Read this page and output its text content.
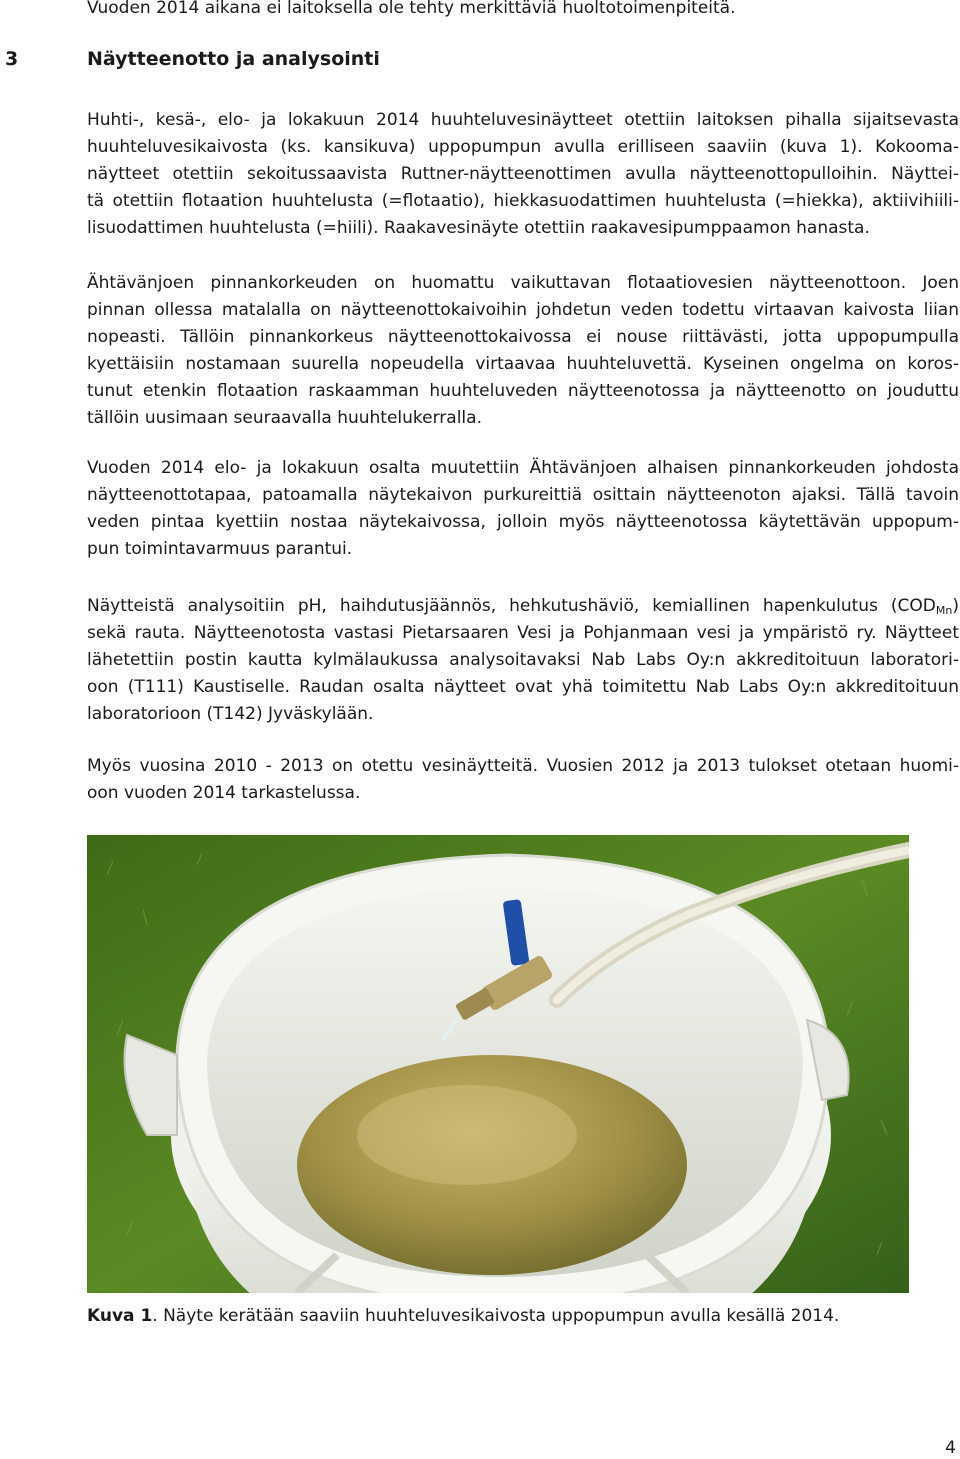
Vuoden 2014 aikana ei laitoksella ole tehty merkittäviä huoltotoimenpiteitä.

3	Näytteenotto ja analysointi

Huhti-, kesä-, elo- ja lokakuun 2014 huuhteluvesinäytteet otettiin laitoksen pihalla sijaitsevasta
huuhteluvesikaivosta (ks. kansikuva) uppopumpun avulla erilliseen saaviin (kuva 1). Kokooma-
näytteet otettiin sekoitussaavista Ruttner-näytteenottimen avulla näytteenottopulloihin. Näyttei-
tä otettiin flotaation huuhtelusta (=flotaatio), hiekkasuodattimen huuhtelusta (=hiekka), aktiivihiili-
lisuodattimen huuhtelusta (=hiili). Raakavesinäyte otettiin raakavesipumppaamon hanasta.

Ähtävänjoen pinnankorkeuden on huomattu vaikuttavan flotaatiovesien näytteenottoon. Joen
pinnan ollessa matalalla on näytteenottokaivoihin johdetun veden todettu virtaavan kaivosta liian
nopeasti. Tällöin pinnankorkeus näytteenottokaivossa ei nouse riittävästi, jotta uppopumpulla
kyettäisiin nostamaan suurella nopeudella virtaavaa huuhteluvettä. Kyseinen ongelma on koros-
tunut etenkin flotaation raskaamman huuhteluveden näytteenotossa ja näytteenotto on jouduttu
tällöin uusimaan seuraavalla huuhtelukerralla.

Vuoden 2014 elo- ja lokakuun osalta muutettiin Ähtävänjoen alhaisen pinnankorkeuden johdosta
näytteenottotapaa, patoamalla näytekaivon purkureittiä osittain näytteenoton ajaksi. Tällä tavoin
veden pintaa kyettiin nostaa näytekaivossa, jolloin myös näytteenotossa käytettävän uppopum-
pun toimintavarmuus parantui.

Näytteistä analysoitiin pH, haihdutusjäännös, hehkutushäviö, kemiallinen hapenkulutus $(COD_{Mn})$
sekä rauta. Näytteenotosta vastasi Pietarsaaren Vesi ja Pohjanmaan vesi ja ympäristö ry. Näytteet
lähetettiin postin kautta kylmälaukussa analysoitavaksi Nab Labs Oy:n akkreditoituun laboratori-
oon (T111) Kaustiselle. Raudan osalta näytteet ovat yhä toimitettu Nab Labs Oy:n akkreditoituun
laboratorioon (T142) Jyväskylään.

Myös vuosina 2010 - 2013 on otettu vesinäytteitä. Vuosien 2012 ja 2013 tulokset otetaan huomi-
oon vuoden 2014 tarkastelussa.

Kuva 1. Näyte kerätään saaviin huuhteluvesikaivosta uppopumpun avulla kesällä 2014.
4
